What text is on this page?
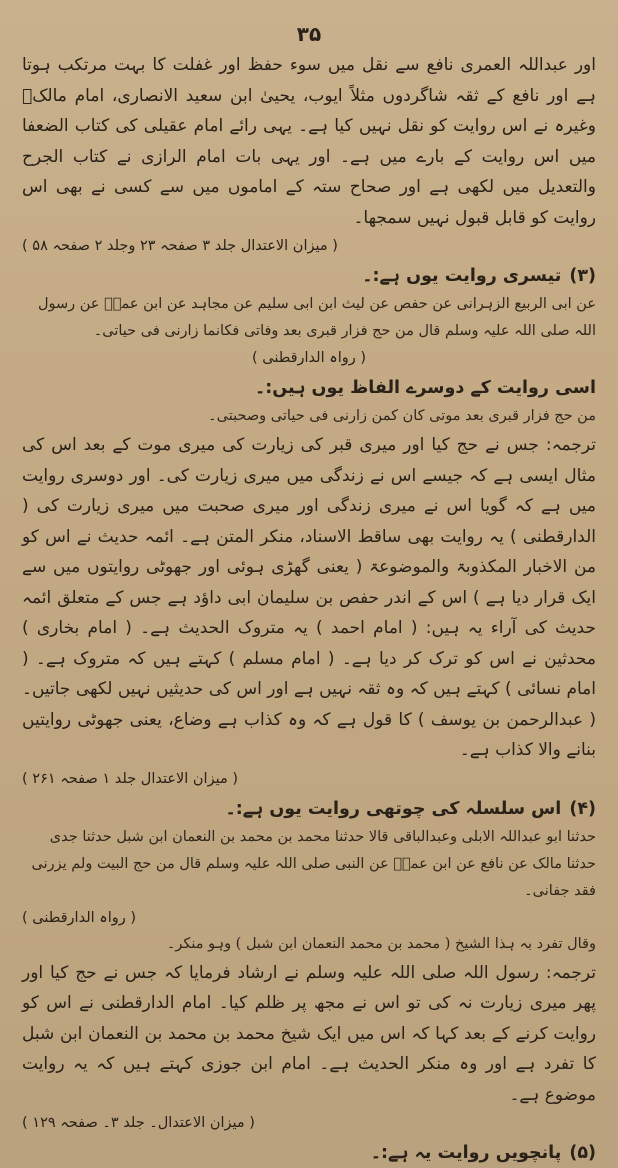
۳۵

اور عبداللہ العمری نافع سے نقل میں سوء حفظ اور غفلت کا بہت مرتکب ہوتا ہے اور نافع کے ثقہ شاگردوں مثلاً ایوب، یحییٰ ابن سعید الانصاری، امام مالکؒ وغیرہ نے اس روایت کو نقل نہیں کیا ہے۔ یہی رائے امام عقیلی کی کتاب الضعفا میں اس روایت کے بارے میں ہے۔ اور یہی بات امام الرازی نے کتاب الجرح والتعدیل میں لکھی ہے اور صحاح ستہ کے اماموں میں سے کسی نے بھی اس روایت کو قابل قبول نہیں سمجھا۔

( میزان الاعتدال جلد ۳ صفحہ ۲۳ وجلد ۲ صفحہ ۵۸ )

(۳)تیسری روایت یوں ہے:۔

عن ابی الربیع الزہرانی عن حفص عن لیث ابن ابی سلیم عن مجاہد عن ابن عمرؓ عن رسول اللہ صلی اللہ علیہ وسلم قال من حج فزار قبری بعد وفاتی فکانما زارنی فی حیاتی۔

( رواہ الدارقطنی )

اسی روایت کے دوسرے الفاظ یوں ہیں:۔

من حج فزار قبری بعد موتی کان کمن زارنی فی حیاتی وصحبتی۔

ترجمہ: جس نے حج کیا اور میری قبر کی زیارت کی میری موت کے بعد اس کی مثال ایسی ہے کہ جیسے اس نے زندگی میں میری زیارت کی۔ اور دوسری روایت میں ہے کہ گویا اس نے میری زندگی اور میری صحبت میں میری زیارت کی ( الدارقطنی ) یہ روایت بھی ساقط الاسناد، منکر المتن ہے۔ ائمہ حدیث نے اس کو من الاخبار المکذوبۃ والموضوعۃ ( یعنی گھڑی ہوئی اور جھوٹی روایتوں میں سے ایک قرار دیا ہے ) اس کے اندر حفص بن سلیمان ابی داؤد ہے جس کے متعلق ائمہ حدیث کی آراء یہ ہیں: ( امام احمد ) یہ متروک الحدیث ہے۔ ( امام بخاری ) محدثین نے اس کو ترک کر دیا ہے۔ ( امام مسلم ) کہتے ہیں کہ متروک ہے۔ ( امام نسائی ) کہتے ہیں کہ وہ ثقہ نہیں ہے اور اس کی حدیثیں نہیں لکھی جاتیں۔ ( عبدالرحمن بن یوسف ) کا قول ہے کہ وہ کذاب ہے وضاع، یعنی جھوٹی روایتیں بنانے والا کذاب ہے۔

( میزان الاعتدال جلد ۱ صفحہ ۲۶۱ )

(۴)اس سلسلہ کی چوتھی روایت یوں ہے:۔

حدثنا ابو عبداللہ الابلی وعبدالباقی قالا حدثنا محمد بن محمد بن النعمان ابن شبل حدثنا جدی حدثنا مالک عن نافع عن ابن عمرؓ عن النبی صلی اللہ علیہ وسلم قال من حج البیت ولم یزرنی فقد جفانی۔

( رواہ الدارقطنی )

وقال تفرد بہ ہذا الشیخ ( محمد بن محمد النعمان ابن شبل ) وہو منکر۔

ترجمہ: رسول اللہ صلی اللہ علیہ وسلم نے ارشاد فرمایا کہ جس نے حج کیا اور پھر میری زیارت نہ کی تو اس نے مجھ پر ظلم کیا۔ امام الدارقطنی نے اس کو روایت کرنے کے بعد کہا کہ اس میں ایک شیخ محمد بن محمد بن النعمان ابن شبل کا تفرد ہے اور وہ منکر الحدیث ہے۔ امام ابن جوزی کہتے ہیں کہ یہ روایت موضوع ہے۔

( میزان الاعتدال۔ جلد ۳۔ صفحہ ۱۲۹ )

(۵)پانچویں روایت یہ ہے:۔
